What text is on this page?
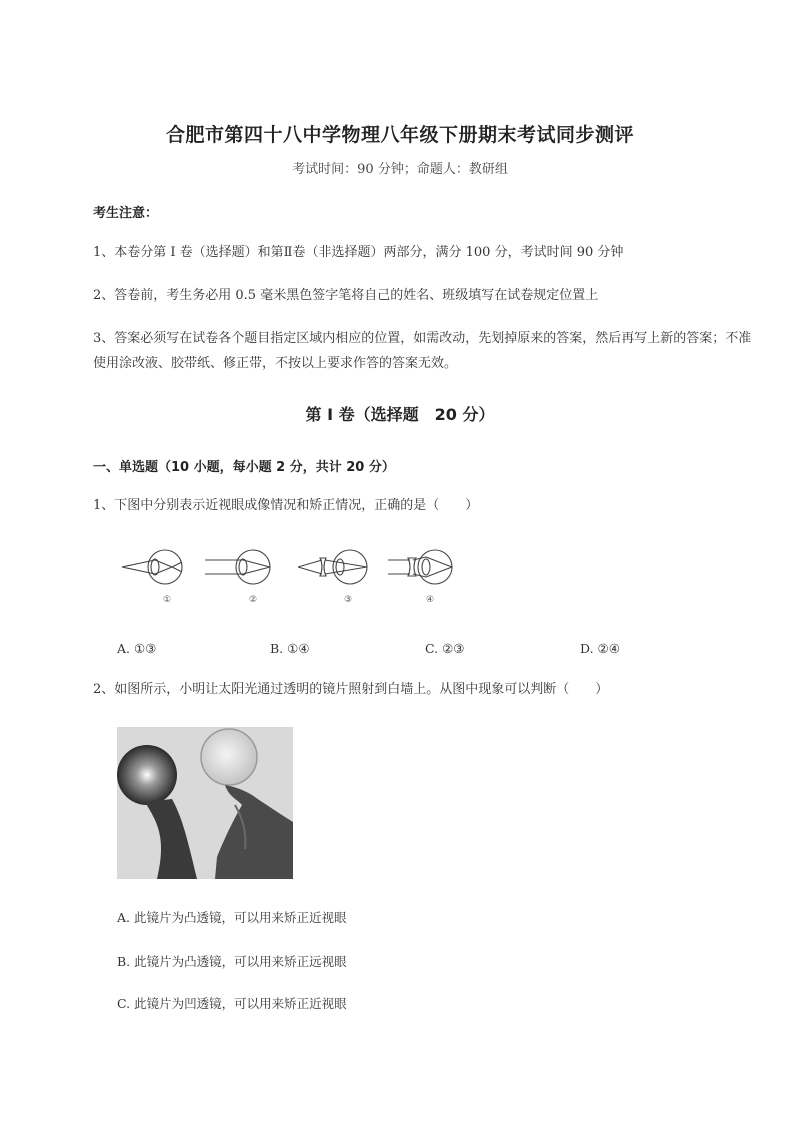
合肥市第四十八中学物理八年级下册期末考试同步测评
考试时间：90 分钟；命题人：教研组
考生注意：
1、本卷分第 I 卷（选择题）和第Ⅱ卷（非选择题）两部分，满分 100 分，考试时间 90 分钟
2、答卷前，考生务必用 0.5 毫米黑色签字笔将自己的姓名、班级填写在试卷规定位置上
3、答案必须写在试卷各个题目指定区域内相应的位置，如需改动，先划掉原来的答案，然后再写上新的答案；不准使用涂改液、胶带纸、修正带，不按以上要求作答的答案无效。
第 I 卷（选择题　20 分）
一、单选题（10 小题，每小题 2 分，共计 20 分）
1、下图中分别表示近视眼成像情况和矫正情况，正确的是（　　）
①	②	③	④
A. ①③	B. ①④	C. ②③	D. ②④
2、如图所示，小明让太阳光通过透明的镜片照射到白墙上。从图中现象可以判断（　　）
A. 此镜片为凸透镜，可以用来矫正近视眼
B. 此镜片为凸透镜，可以用来矫正远视眼
C. 此镜片为凹透镜，可以用来矫正近视眼
